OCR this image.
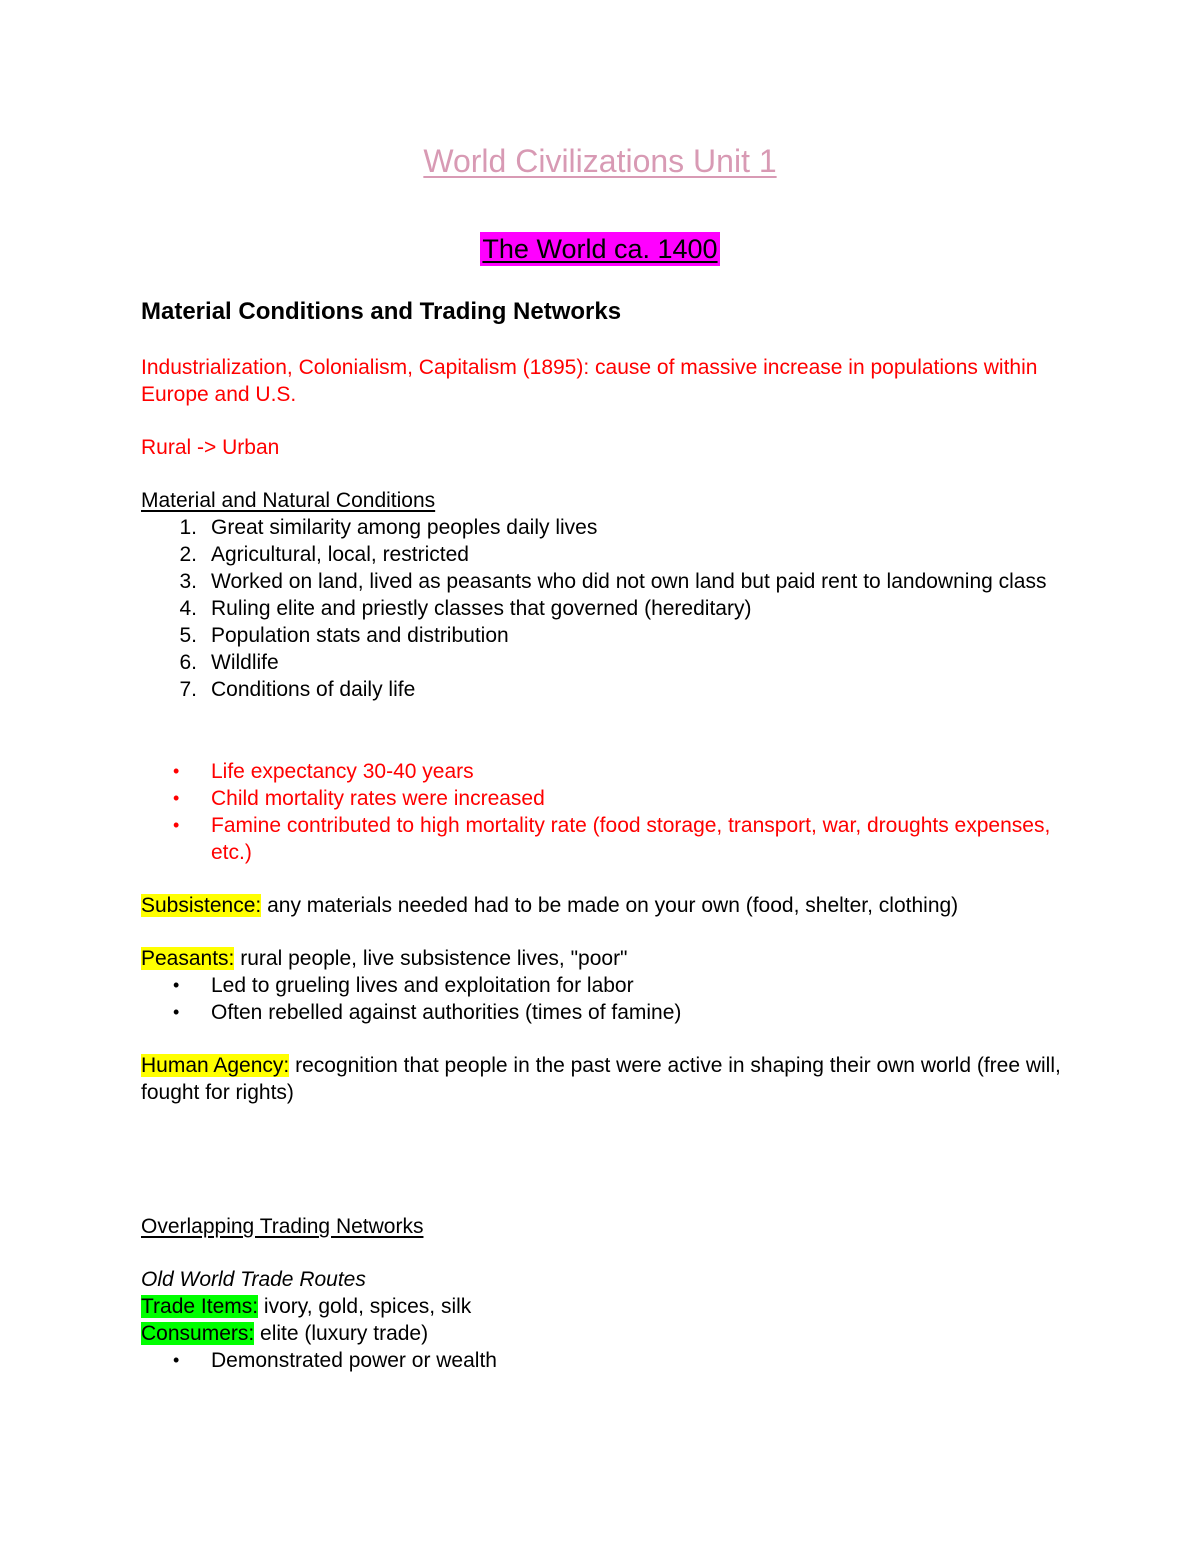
World Civilizations Unit 1
The World ca. 1400
Material Conditions and Trading Networks
Industrialization, Colonialism, Capitalism (1895): cause of massive increase in populations within Europe and U.S.
Rural -> Urban
Material and Natural Conditions
1. Great similarity among peoples daily lives
2. Agricultural, local, restricted
3. Worked on land, lived as peasants who did not own land but paid rent to landowning class
4. Ruling elite and priestly classes that governed (hereditary)
5. Population stats and distribution
6. Wildlife
7. Conditions of daily life
• Life expectancy 30-40 years
• Child mortality rates were increased
• Famine contributed to high mortality rate (food storage, transport, war, droughts expenses, etc.)
Subsistence: any materials needed had to be made on your own (food, shelter, clothing)
Peasants: rural people, live subsistence lives, "poor"
• Led to grueling lives and exploitation for labor
• Often rebelled against authorities (times of famine)
Human Agency: recognition that people in the past were active in shaping their own world (free will, fought for rights)
Overlapping Trading Networks
Old World Trade Routes
Trade Items: ivory, gold, spices, silk
Consumers: elite (luxury trade)
• Demonstrated power or wealth
